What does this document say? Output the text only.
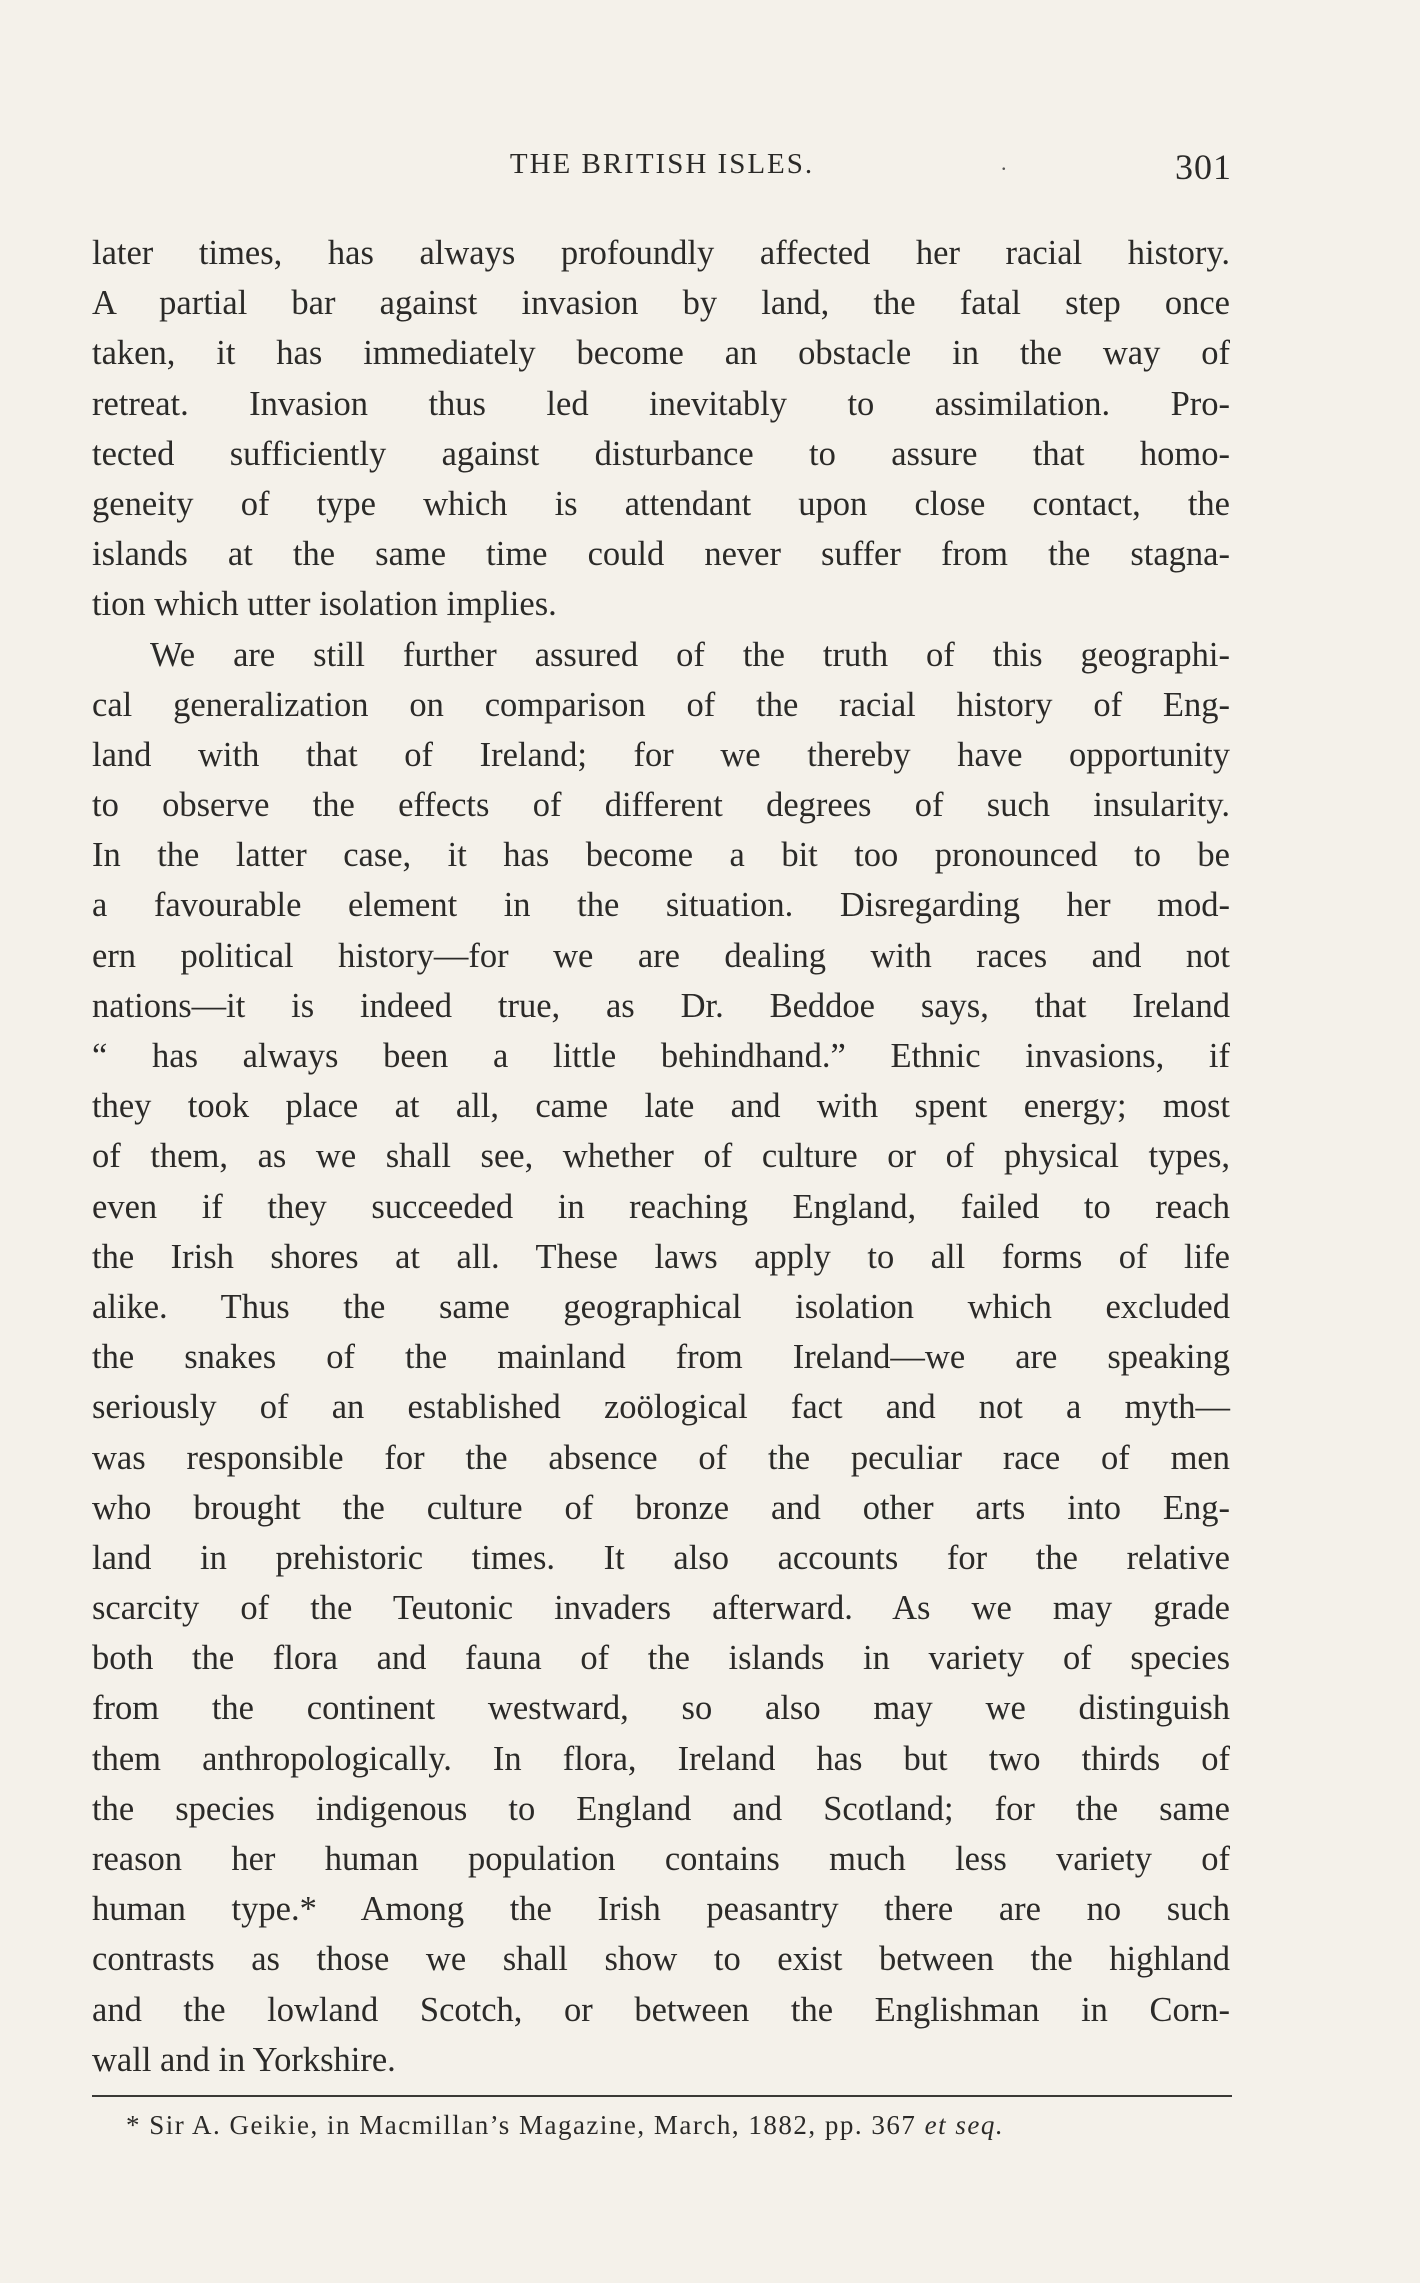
THE BRITISH ISLES.	301
.
later times, has always profoundly affected her racial history.
A partial bar against invasion by land, the fatal step once
taken, it has immediately become an obstacle in the way of
retreat. Invasion thus led inevitably to assimilation. Pro-
tected sufficiently against disturbance to assure that homo-
geneity of type which is attendant upon close contact, the
islands at the same time could never suffer from the stagna-
tion which utter isolation implies.
We are still further assured of the truth of this geographi-
cal generalization on comparison of the racial history of Eng-
land with that of Ireland; for we thereby have opportunity
to observe the effects of different degrees of such insularity.
In the latter case, it has become a bit too pronounced to be
a favourable element in the situation. Disregarding her mod-
ern political history—for we are dealing with races and not
nations—it is indeed true, as Dr. Beddoe says, that Ireland
“ has always been a little behindhand.” Ethnic invasions, if
they took place at all, came late and with spent energy; most
of them, as we shall see, whether of culture or of physical types,
even if they succeeded in reaching England, failed to reach
the Irish shores at all. These laws apply to all forms of life
alike. Thus the same geographical isolation which excluded
the snakes of the mainland from Ireland—we are speaking
seriously of an established zoölogical fact and not a myth—
was responsible for the absence of the peculiar race of men
who brought the culture of bronze and other arts into Eng-
land in prehistoric times. It also accounts for the relative
scarcity of the Teutonic invaders afterward. As we may grade
both the flora and fauna of the islands in variety of species
from the continent westward, so also may we distinguish
them anthropologically. In flora, Ireland has but two thirds of
the species indigenous to England and Scotland; for the same
reason her human population contains much less variety of
human type.* Among the Irish peasantry there are no such
contrasts as those we shall show to exist between the highland
and the lowland Scotch, or between the Englishman in Corn-
wall and in Yorkshire.
* Sir A. Geikie, in Macmillan’s Magazine, March, 1882, pp. 367 et seq.
